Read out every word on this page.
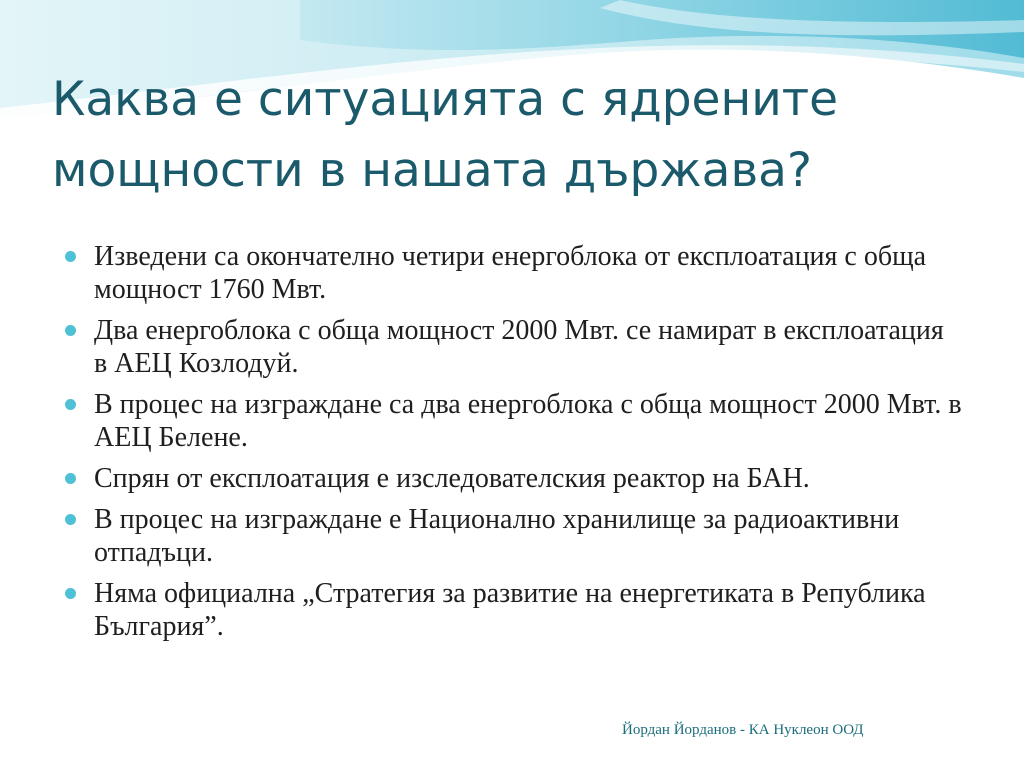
Каква е ситуацията с ядрените мощности в нашата държава?
Изведени са окончателно четири енергоблока от експлоатация с обща мощност 1760 Мвт.
Два енергоблока с обща мощност 2000 Мвт. се намират в експлоатация в АЕЦ Козлодуй.
В процес на изграждане са два енергоблока с обща мощност 2000 Мвт. в АЕЦ Белене.
Спрян от експлоатация е изследователския реактор на БАН.
В процес на изграждане е Национално хранилище за радиоактивни отпадъци.
Няма официална „Стратегия за развитие на енергетиката в Република България”.
Йордан Йорданов - КА Нуклеон ООД
